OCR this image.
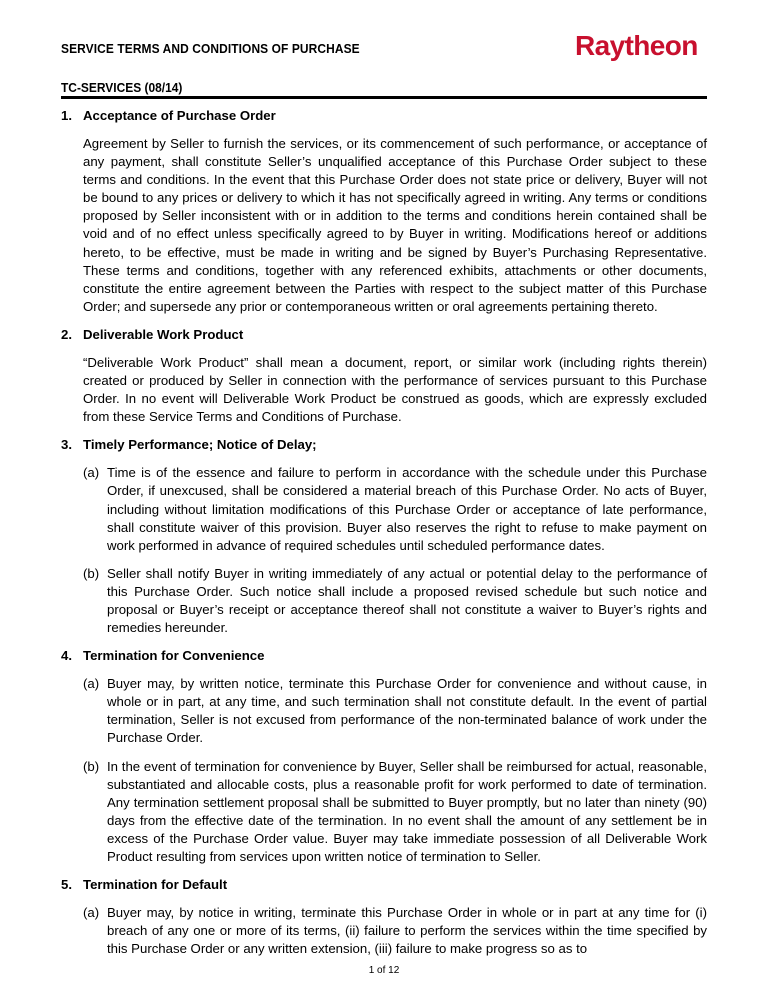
SERVICE TERMS AND CONDITIONS OF PURCHASE	Raytheon
TC-SERVICES (08/14)
1. Acceptance of Purchase Order

Agreement by Seller to furnish the services, or its commencement of such performance, or acceptance of any payment, shall constitute Seller’s unqualified acceptance of this Purchase Order subject to these terms and conditions. In the event that this Purchase Order does not state price or delivery, Buyer will not be bound to any prices or delivery to which it has not specifically agreed in writing. Any terms or conditions proposed by Seller inconsistent with or in addition to the terms and conditions herein contained shall be void and of no effect unless specifically agreed to by Buyer in writing. Modifications hereof or additions hereto, to be effective, must be made in writing and be signed by Buyer’s Purchasing Representative. These terms and conditions, together with any referenced exhibits, attachments or other documents, constitute the entire agreement between the Parties with respect to the subject matter of this Purchase Order; and supersede any prior or contemporaneous written or oral agreements pertaining thereto.

2. Deliverable Work Product

“Deliverable Work Product” shall mean a document, report, or similar work (including rights therein) created or produced by Seller in connection with the performance of services pursuant to this Purchase Order. In no event will Deliverable Work Product be construed as goods, which are expressly excluded from these Service Terms and Conditions of Purchase.

3. Timely Performance; Notice of Delay;
(a) Time is of the essence and failure to perform in accordance with the schedule under this Purchase Order, if unexcused, shall be considered a material breach of this Purchase Order. No acts of Buyer, including without limitation modifications of this Purchase Order or acceptance of late performance, shall constitute waiver of this provision. Buyer also reserves the right to refuse to make payment on work performed in advance of required schedules until scheduled performance dates.
(b) Seller shall notify Buyer in writing immediately of any actual or potential delay to the performance of this Purchase Order. Such notice shall include a proposed revised schedule but such notice and proposal or Buyer’s receipt or acceptance thereof shall not constitute a waiver to Buyer’s rights and remedies hereunder.
4. Termination for Convenience
(a) Buyer may, by written notice, terminate this Purchase Order for convenience and without cause, in whole or in part, at any time, and such termination shall not constitute default. In the event of partial termination, Seller is not excused from performance of the non-terminated balance of work under the Purchase Order.
(b) In the event of termination for convenience by Buyer, Seller shall be reimbursed for actual, reasonable, substantiated and allocable costs, plus a reasonable profit for work performed to date of termination. Any termination settlement proposal shall be submitted to Buyer promptly, but no later than ninety (90) days from the effective date of the termination. In no event shall the amount of any settlement be in excess of the Purchase Order value. Buyer may take immediate possession of all Deliverable Work Product resulting from services upon written notice of termination to Seller.
5. Termination for Default
(a) Buyer may, by notice in writing, terminate this Purchase Order in whole or in part at any time for (i) breach of any one or more of its terms, (ii) failure to perform the services within the time specified by this Purchase Order or any written extension, (iii) failure to make progress so as to
1 of 12
